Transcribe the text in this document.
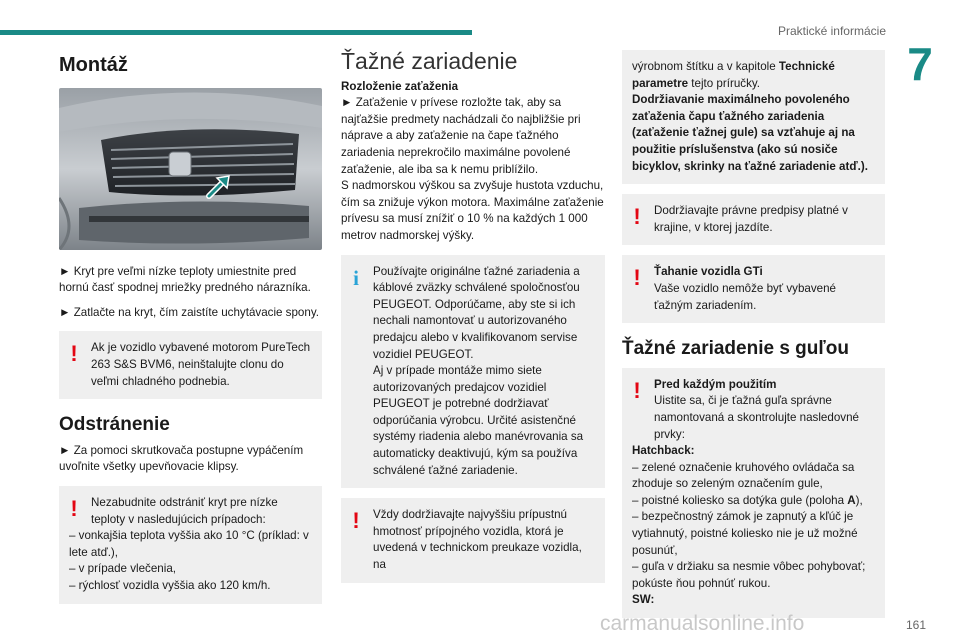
Praktické informácie
7
Montáž

► Kryt pre veľmi nízke teploty umiestnite pred hornú časť spodnej mriežky predného nárazníka.

► Zatlačte na kryt, čím zaistíte uchytávacie spony.

!	Ak je vozidlo vybavené motorom PureTech 263 S&S BVM6, neinštalujte clonu do veľmi chladného podnebia.

Odstránenie

► Za pomoci skrutkovača postupne vypáčením uvoľnite všetky upevňovacie klipsy.

!	Nezabudnite odstrániť kryt pre nízke teploty v nasledujúcich prípadoch:

– vonkajšia teplota vyššia ako 10 °C (príklad: v lete atď.),

– v prípade vlečenia,

– rýchlosť vozidla vyššia ako 120 km/h.

Ťažné zariadenie

Rozloženie zaťaženia

► Zaťaženie v prívese rozložte tak, aby sa najťažšie predmety nachádzali čo najbližšie pri náprave a aby zaťaženie na čape ťažného zariadenia neprekročilo maximálne povolené zaťaženie, ale iba sa k nemu priblížilo.

S nadmorskou výškou sa zvyšuje hustota vzduchu, čím sa znižuje výkon motora. Maximálne zaťaženie prívesu sa musí znížiť o 10 % na každých 1 000 metrov nadmorskej výšky.

i	Používajte originálne ťažné zariadenia a káblové zväzky schválené spoločnosťou PEUGEOT. Odporúčame, aby ste si ich nechali namontovať u autorizovaného predajcu alebo v kvalifikovanom servise vozidiel PEUGEOT.
Aj v prípade montáže mimo siete autorizovaných predajcov vozidiel PEUGEOT je potrebné dodržiavať odporúčania výrobcu. Určité asistenčné systémy riadenia alebo manévrovania sa automaticky deaktivujú, kým sa používa schválené ťažné zariadenie.

!	Vždy dodržiavajte najvyššiu prípustnú hmotnosť prípojného vozidla, ktorá je uvedená v technickom preukaze vozidla, na

výrobnom štítku a v kapitole Technické parametre tejto príručky.

Dodržiavanie maximálneho povoleného zaťaženia čapu ťažného zariadenia (zaťaženie ťažnej gule) sa vzťahuje aj na použitie príslušenstva (ako sú nosiče bicyklov, skrinky na ťažné zariadenie atď.).

!	Dodržiavajte právne predpisy platné v krajine, v ktorej jazdíte.

!	Ťahanie vozidla GTi

Vaše vozidlo nemôže byť vybavené ťažným zariadením.

Ťažné zariadenie s guľou
!	Pred každým použitím

Uistite sa, či je ťažná guľa správne namontovaná a skontrolujte nasledovné prvky:

Hatchback:

– zelené označenie kruhového ovládača sa zhoduje so zeleným označením gule,

– poistné koliesko sa dotýka gule (poloha A),

– bezpečnostný zámok je zapnutý a kľúč je vytiahnutý, poistné koliesko nie je už možné posunúť,

– guľa v držiaku sa nesmie vôbec pohybovať; pokúste ňou pohnúť rukou.

SW:

carmanualsonline.info	161
